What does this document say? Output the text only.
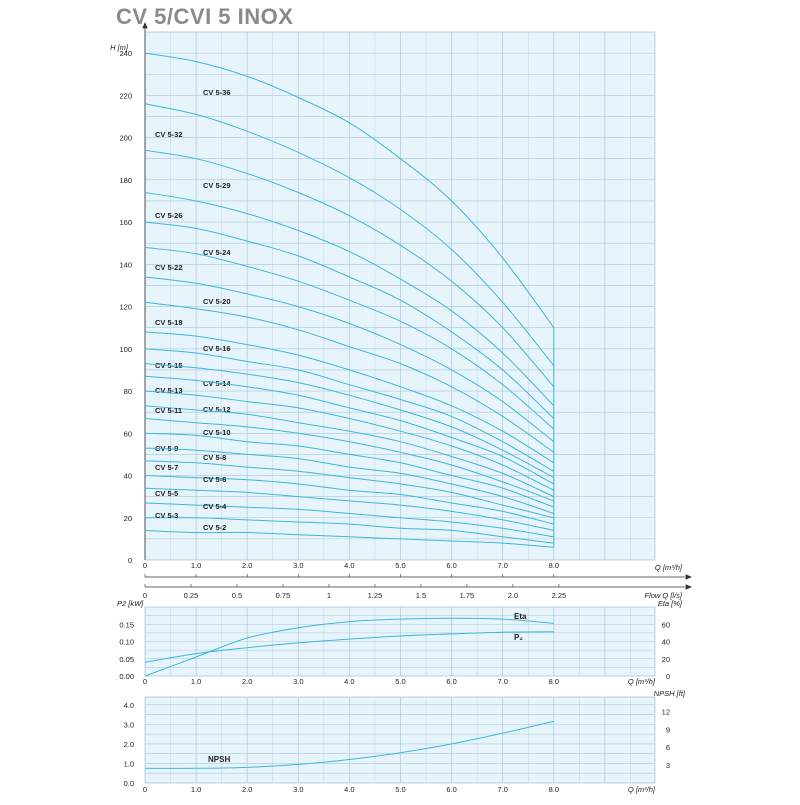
CV 5/CVI 5 INOX
0
20
40
60
80
100
120
140
160
180
200
220
240
H [m]
0	1.0	2.0	3.0	4.0	5.0	6.0	7.0	8.0	Q [m³/h]
0	0.25	0.5	0.75	1	1.25	1.5	1.75	2.0	2.25	Flow Q [l/s]
CV 5-36
CV 5-32
CV 5-29
CV 5-26
CV 5-24
CV 5-22
CV 5-20
CV 5-18
CV 5-16
CV 5-15
CV 5-14
CV 5-13
CV 5-12
CV 5-11
CV 5-10
CV 5-9
CV 5-8
CV 5-7
CV 5-6
CV 5-5
CV 5-4
CV 5-3
CV 5-2
0.00
0.05
0.10
0.15
0
20
40
60
P2 [kW]	Eta [%]
0	1.0	2.0	3.0	4.0	5.0	6.0	7.0	8.0	Q [m³/h]
Eta
P₂
0.0
1.0
2.0
3.0
4.0
3
6
9
12
NPSH [ft]
0	1.0	2.0	3.0	4.0	5.0	6.0	7.0	8.0	Q [m³/h]
NPSH
